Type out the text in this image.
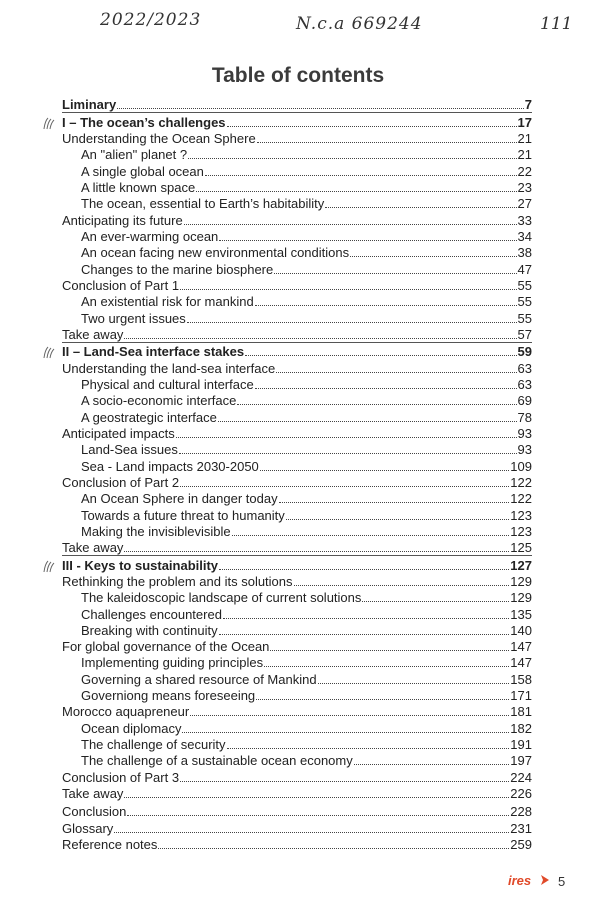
2022/2023	N.c.a 669244	111
Table of contents
Liminary	7
I – The ocean’s challenges	17
Understanding the Ocean Sphere	21
An "alien" planet ?	21
A single global ocean	22
A little known space	23
The ocean, essential to Earth’s habitability	27
Anticipating its future	33
An ever-warming ocean	34
An ocean facing new environmental conditions	38
Changes to the marine biosphere	47
Conclusion of Part 1	55
An existential risk for mankind	55
Two urgent issues	55
Take away	57
II – Land-Sea interface stakes	59
Understanding the land-sea interface	63
Physical and cultural interface	63
A socio-economic interface	69
A geostrategic interface	78
Anticipated impacts	93
Land-Sea issues	93
Sea - Land impacts 2030-2050	109
Conclusion of Part 2	122
An Ocean Sphere in danger today	122
Towards a future threat to humanity	123
Making the invisiblevisible	123
Take away	125
III - Keys to sustainability	127
Rethinking the problem and its solutions	129
The kaleidoscopic landscape of current solutions	129
Challenges encountered	135
Breaking with continuity	140
For global governance of the Ocean	147
Implementing guiding principles	147
Governing a shared resource of Mankind	158
Governiong means foreseeing	171
Morocco aquapreneur	181
Ocean diplomacy	182
The challenge of security	191
The challenge of a sustainable ocean economy	197
Conclusion of Part 3	224
Take away	226
Conclusion	228
Glossary	231
Reference notes	259
ires 5
